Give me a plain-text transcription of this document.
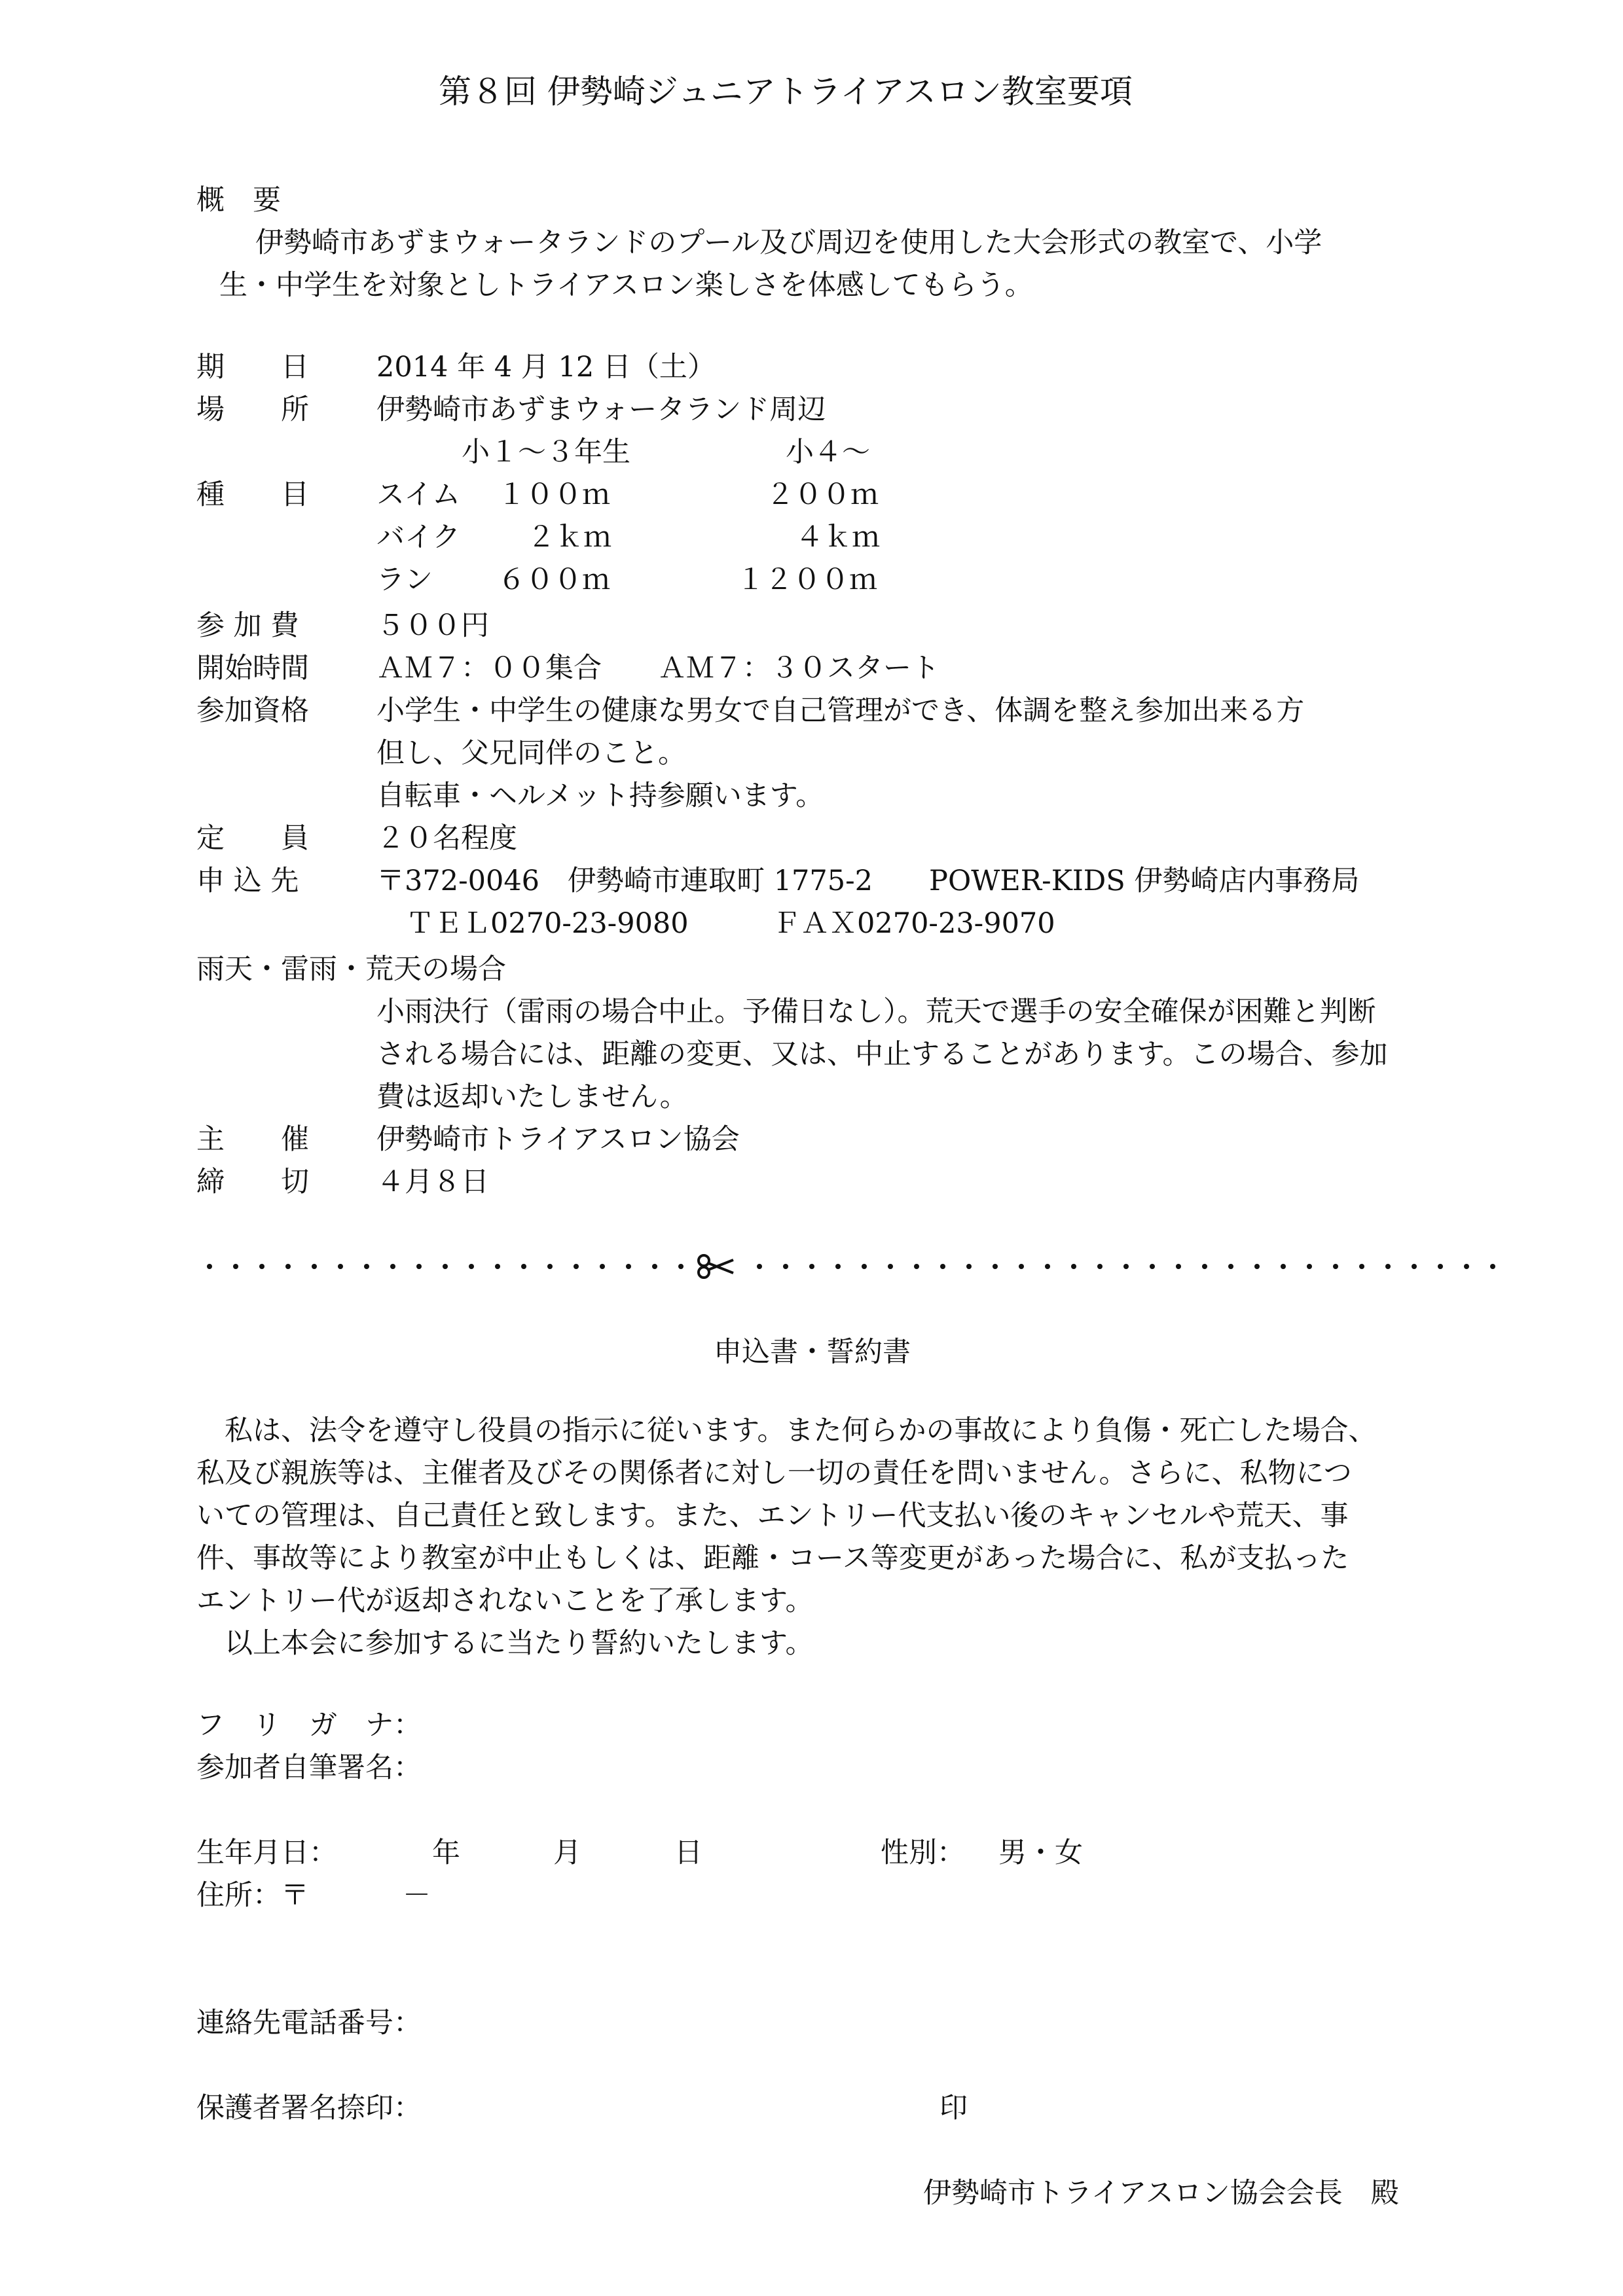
第８回 伊勢崎ジュニアトライアスロン教室要項
概　要
伊勢崎市あずまウォータランドのプール及び周辺を使用した大会形式の教室で、小学
生・中学生を対象としトライアスロン楽しさを体感してもらう。
期　　日 2014 年 4 月 12 日（土）
場　　所 伊勢崎市あずまウォータランド周辺
小１～３年生	小４～
種　　目 スイム １００ｍ	２００ｍ
バイク ２ｋｍ	４ｋｍ
ラン ６００ｍ	１２００ｍ
参 加 費	５００円
開始時間 ＡＭ７：００集合　　ＡＭ７：３０スタート
参加資格 小学生・中学生の健康な男女で自己管理ができ、体調を整え参加出来る方
但し、父兄同伴のこと。
自転車・ヘルメット持参願います。
定　　員 ２０名程度
申 込 先	〒372-0046　伊勢崎市連取町 1775-2　　POWER-KIDS 伊勢崎店内事務局
ＴＥＬ0270-23-9080	ＦＡＸ0270-23-9070
雨天・雷雨・荒天の場合
小雨決行（雷雨の場合中止。予備日なし）。荒天で選手の安全確保が困難と判断
される場合には、距離の変更、又は、中止することがあります。この場合、参加
費は返却いたしません。
主　　催 伊勢崎市トライアスロン協会
締　　切 ４月８日
申込書・誓約書
　私は、法令を遵守し役員の指示に従います。また何らかの事故により負傷・死亡した場合、
私及び親族等は、主催者及びその関係者に対し一切の責任を問いません。さらに、私物につ
いての管理は、自己責任と致します。また、エントリー代支払い後のキャンセルや荒天、事
件、事故等により教室が中止もしくは、距離・コース等変更があった場合に、私が支払った
エントリー代が返却されないことを了承します。
　以上本会に参加するに当たり誓約いたします。
フ　リ　ガ　ナ：
参加者自筆署名：
生年月日：	年	月	日	性別： 男・女
住所：〒	－
連絡先電話番号：
保護者署名捺印：	印
伊勢崎市トライアスロン協会会長　殿
